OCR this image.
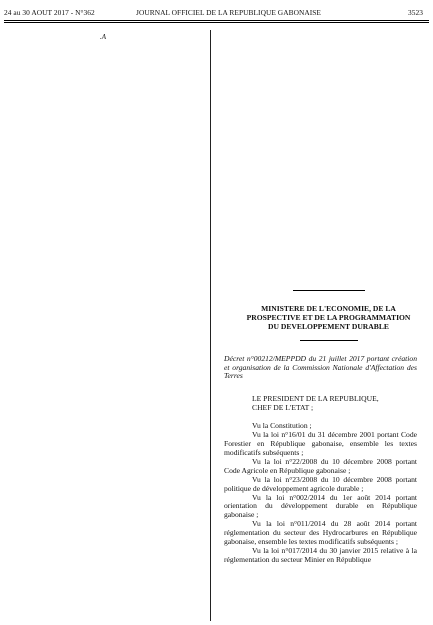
24 au 30 AOUT 2017 - N°362	JOURNAL OFFICIEL DE LA REPUBLIQUE GABONAISE	3523
.A
MINISTERE DE L'ECONOMIE, DE LA
PROSPECTIVE ET DE LA PROGRAMMATION
DU DEVELOPPEMENT DURABLE

Décret n°00212/MEPPDD du 21 juillet 2017 portant création et organisation de la Commission Nationale d'Affectation des Terres

LE PRESIDENT DE LA REPUBLIQUE,
CHEF DE L'ETAT ;

Vu la Constitution ;

Vu la loi n°16/01 du 31 décembre 2001 portant Code Forestier en République gabonaise, ensemble les textes modificatifs subséquents ;

Vu la loi n°22/2008 du 10 décembre 2008 portant Code Agricole en République gabonaise ;

Vu la loi n°23/2008 du 10 décembre 2008 portant politique de développement agricole durable ;

Vu la loi n°002/2014 du 1er août 2014 portant orientation du développement durable en République gabonaise ;

Vu la loi n°011/2014 du 28 août 2014 portant réglementation du secteur des Hydrocarbures en République gabonaise, ensemble les textes modificatifs subséquents ;

Vu la loi n°017/2014 du 30 janvier 2015 relative à la réglementation du secteur Minier en République
